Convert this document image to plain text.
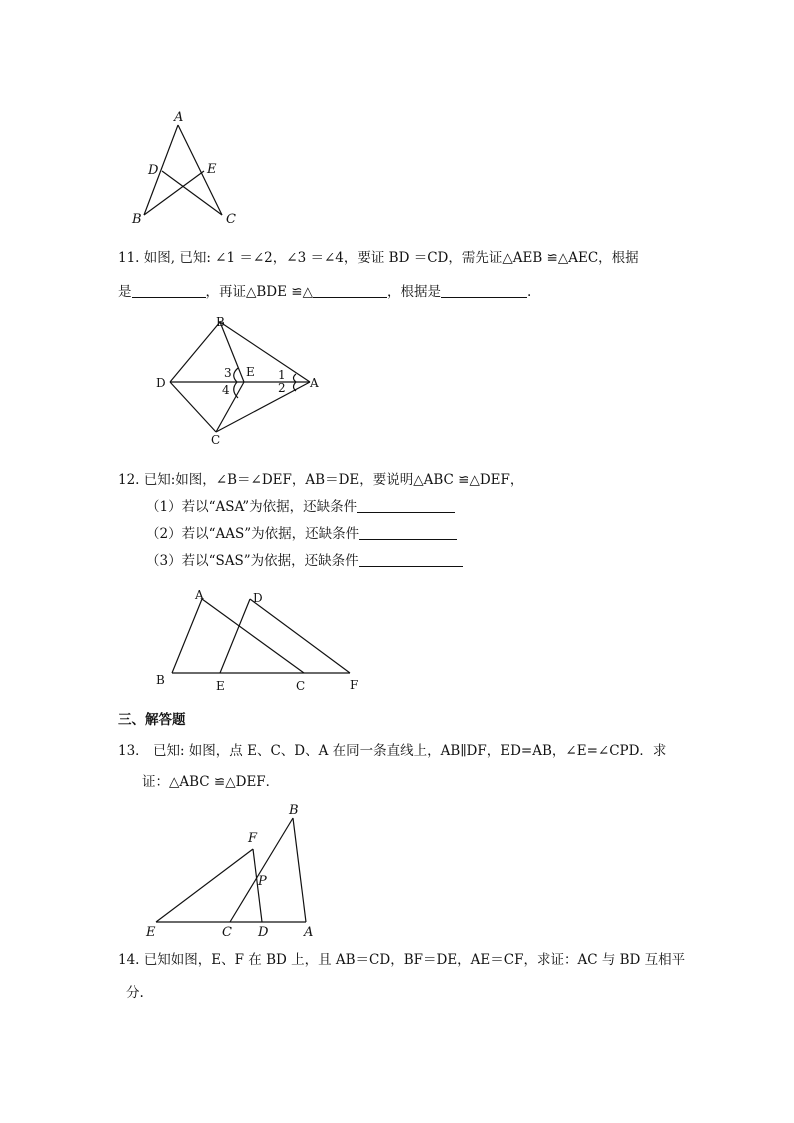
A
D	E
B	C
11. 如图, 已知: ∠1 ＝∠2，∠3 ＝∠4，要证 BD ＝CD，需先证△AEB ≌△AEC，根据
是	，再证△BDE ≌△	，根据是	.
B
D
E
A
C
3
4
1
2
12. 已知:如图，∠B＝∠DEF，AB＝DE，要说明△ABC ≌△DEF，
（1）若以“ASA”为依据，还缺条件
（2）若以“AAS”为依据，还缺条件
（3）若以“SAS”为依据，还缺条件
A	D
B	E	C	F
三、解答题
13． 已知: 如图，点 E、C、D、A 在同一条直线上，AB∥DF，ED=AB，∠E=∠CPD．求
证：△ABC ≌△DEF．
B
F
P
E	C D	A
14. 已知如图，E、F 在 BD 上，且 AB＝CD，BF＝DE，AE＝CF，求证：AC 与 BD 互相平
分.
